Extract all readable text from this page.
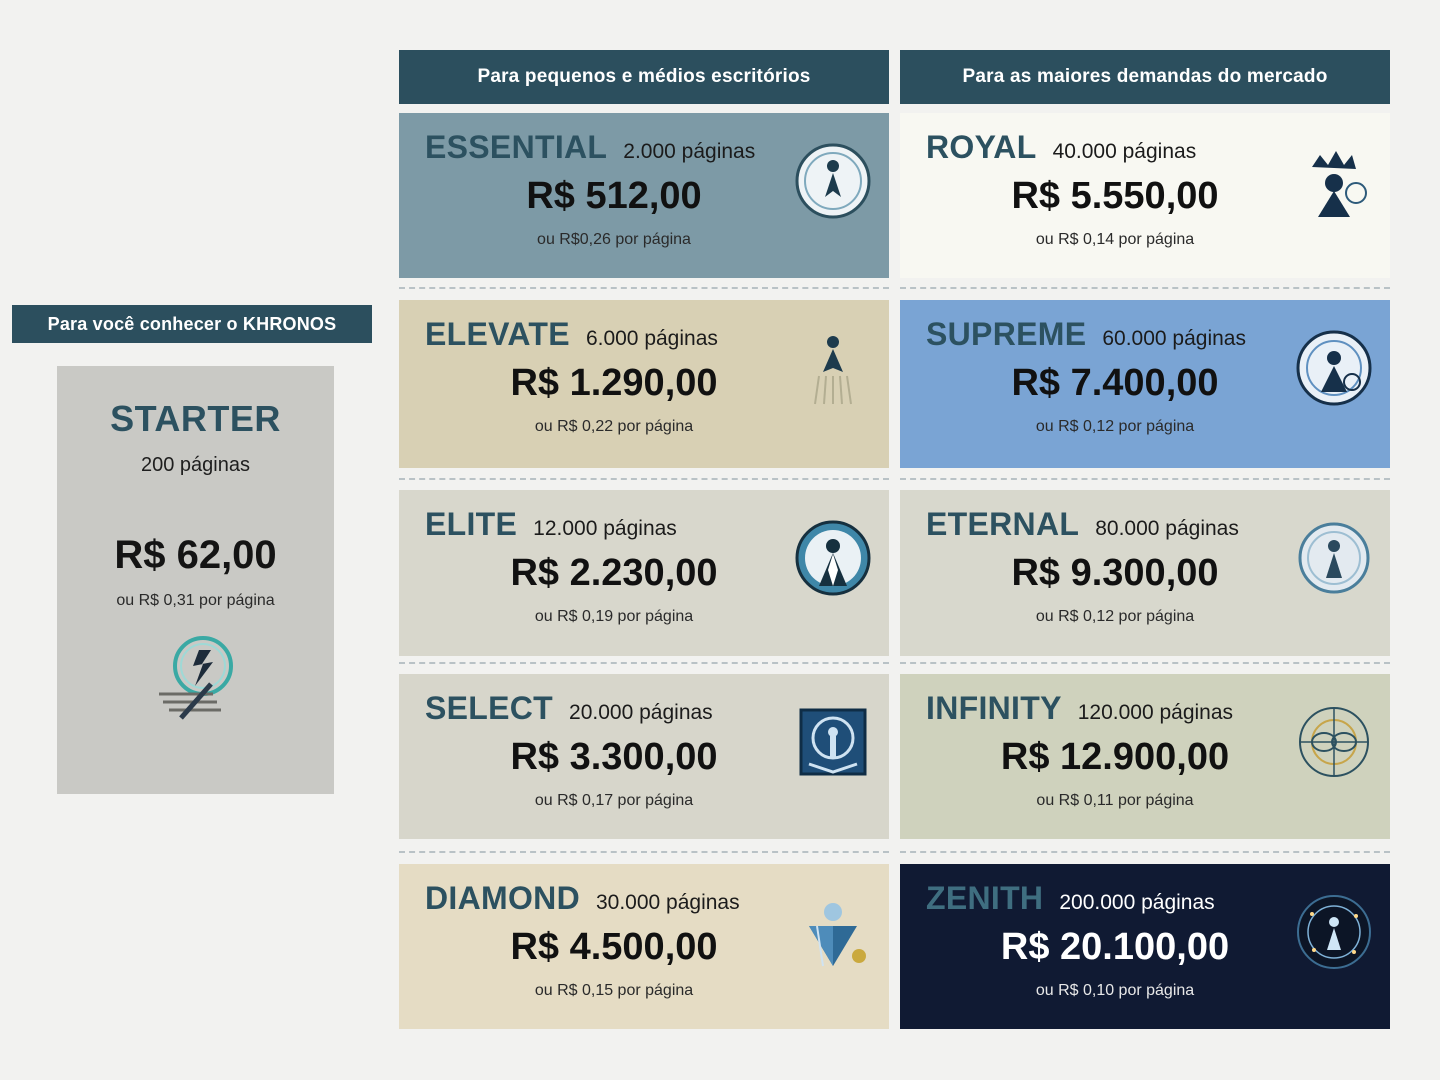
Para pequenos e médios escritórios	Para as maiores demandas do mercado
Para você conhecer o KHRONOS
STARTER
200 páginas
R$ 62,00
ou R$ 0,31 por página
ESSENTIAL 2.000 páginas
R$ 512,00
ou R$0,26 por página
ELEVATE 6.000 páginas
R$ 1.290,00
ou R$ 0,22 por página
ELITE 12.000 páginas
R$ 2.230,00
ou R$ 0,19 por página
SELECT 20.000 páginas
R$ 3.300,00
ou R$ 0,17 por página
DIAMOND 30.000 páginas
R$ 4.500,00
ou R$ 0,15 por página
ROYAL 40.000 páginas
R$ 5.550,00
ou R$ 0,14 por página
SUPREME 60.000 páginas
R$ 7.400,00
ou R$ 0,12 por página
ETERNAL 80.000 páginas
R$ 9.300,00
ou R$ 0,12 por página
INFINITY 120.000 páginas
R$ 12.900,00
ou R$ 0,11 por página
ZENITH 200.000 páginas
R$ 20.100,00
ou R$ 0,10 por página
